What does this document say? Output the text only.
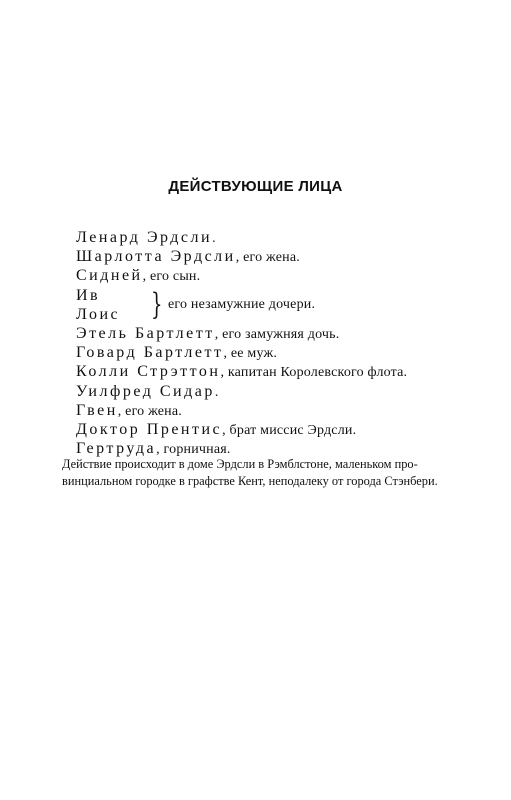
ДЕЙСТВУЮЩИЕ ЛИЦА
Ленард Эрдсли.
Шарлотта Эрдсли, его жена.
Сидней, его сын.
Ив
Лоис } его незамужние дочери.
Этель Бартлетт, его замужняя дочь.
Говард Бартлетт, ее муж.
Колли Стрэттон, капитан Королевского флота.
Уилфред Сидар.
Гвен, его жена.
Доктор Прентис, брат миссис Эрдсли.
Гертруда, горничная.
Действие происходит в доме Эрдсли в Рэмблстоне, маленьком про-
винциальном городке в графстве Кент, неподалеку от города Стэнбери.
